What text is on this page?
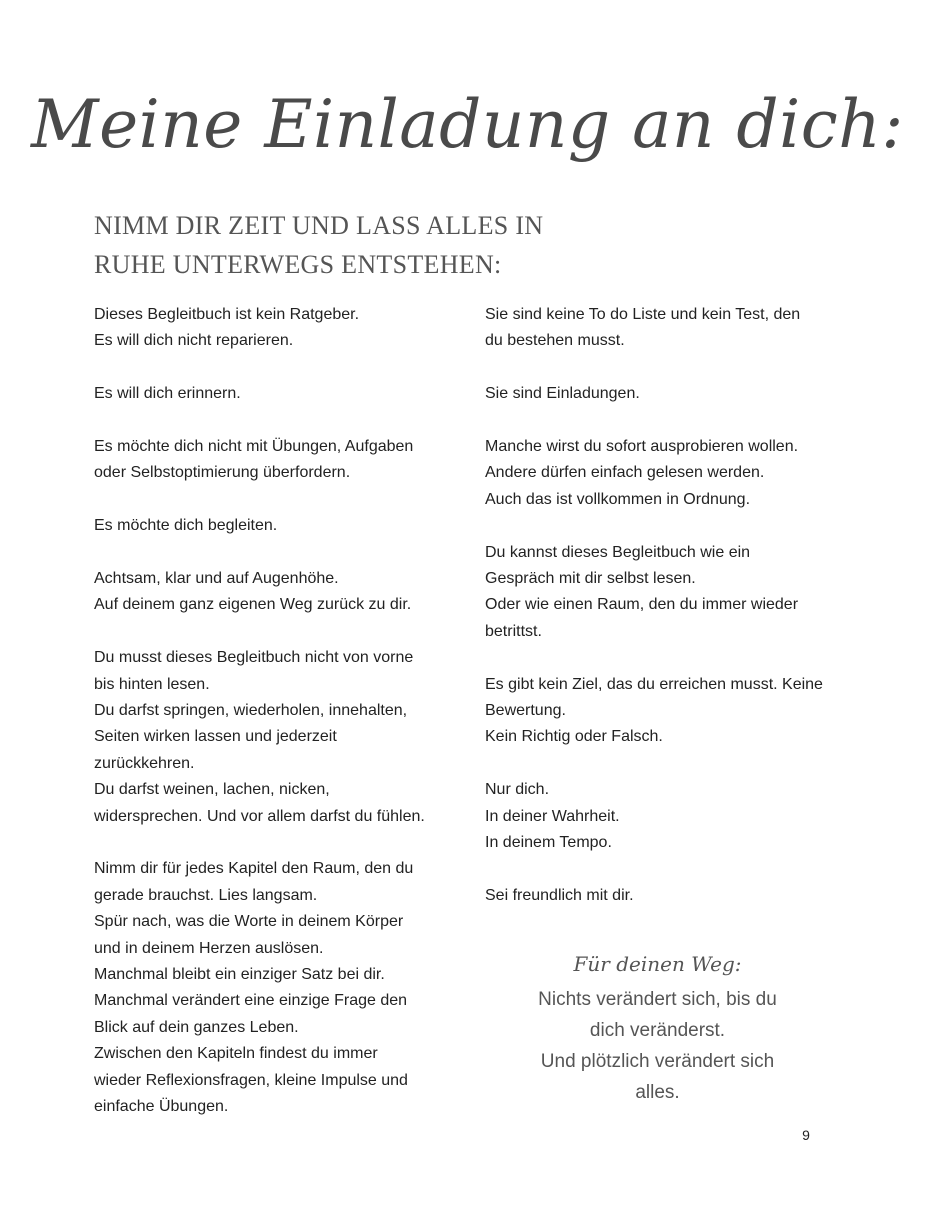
Meine Einladung an dich:
NIMM DIR ZEIT UND LASS ALLES IN
RUHE UNTERWEGS ENTSTEHEN:
Dieses Begleitbuch ist kein Ratgeber.
Es will dich nicht reparieren.
Es will dich erinnern.
Es möchte dich nicht mit Übungen, Aufgaben
oder Selbstoptimierung überfordern.
Es möchte dich begleiten.
Achtsam, klar und auf Augenhöhe.
Auf deinem ganz eigenen Weg zurück zu dir.
Du musst dieses Begleitbuch nicht von vorne
bis hinten lesen.
Du darfst springen, wiederholen, innehalten,
Seiten wirken lassen und jederzeit
zurückkehren.
Du darfst weinen, lachen, nicken,
widersprechen. Und vor allem darfst du fühlen.
Nimm dir für jedes Kapitel den Raum, den du
gerade brauchst. Lies langsam.
Spür nach, was die Worte in deinem Körper
und in deinem Herzen auslösen.
Manchmal bleibt ein einziger Satz bei dir.
Manchmal verändert eine einzige Frage den
Blick auf dein ganzes Leben.
Zwischen den Kapiteln findest du immer
wieder Reflexionsfragen, kleine Impulse und
einfache Übungen.
Sie sind keine To do Liste und kein Test, den
du bestehen musst.
Sie sind Einladungen.
Manche wirst du sofort ausprobieren wollen.
Andere dürfen einfach gelesen werden.
Auch das ist vollkommen in Ordnung.
Du kannst dieses Begleitbuch wie ein
Gespräch mit dir selbst lesen.
Oder wie einen Raum, den du immer wieder
betrittst.
Es gibt kein Ziel, das du erreichen musst. Keine
Bewertung.
Kein Richtig oder Falsch.
Nur dich.
In deiner Wahrheit.
In deinem Tempo.
Sei freundlich mit dir.
Für deinen Weg:
Nichts verändert sich, bis du
dich veränderst.
Und plötzlich verändert sich
alles.
9
